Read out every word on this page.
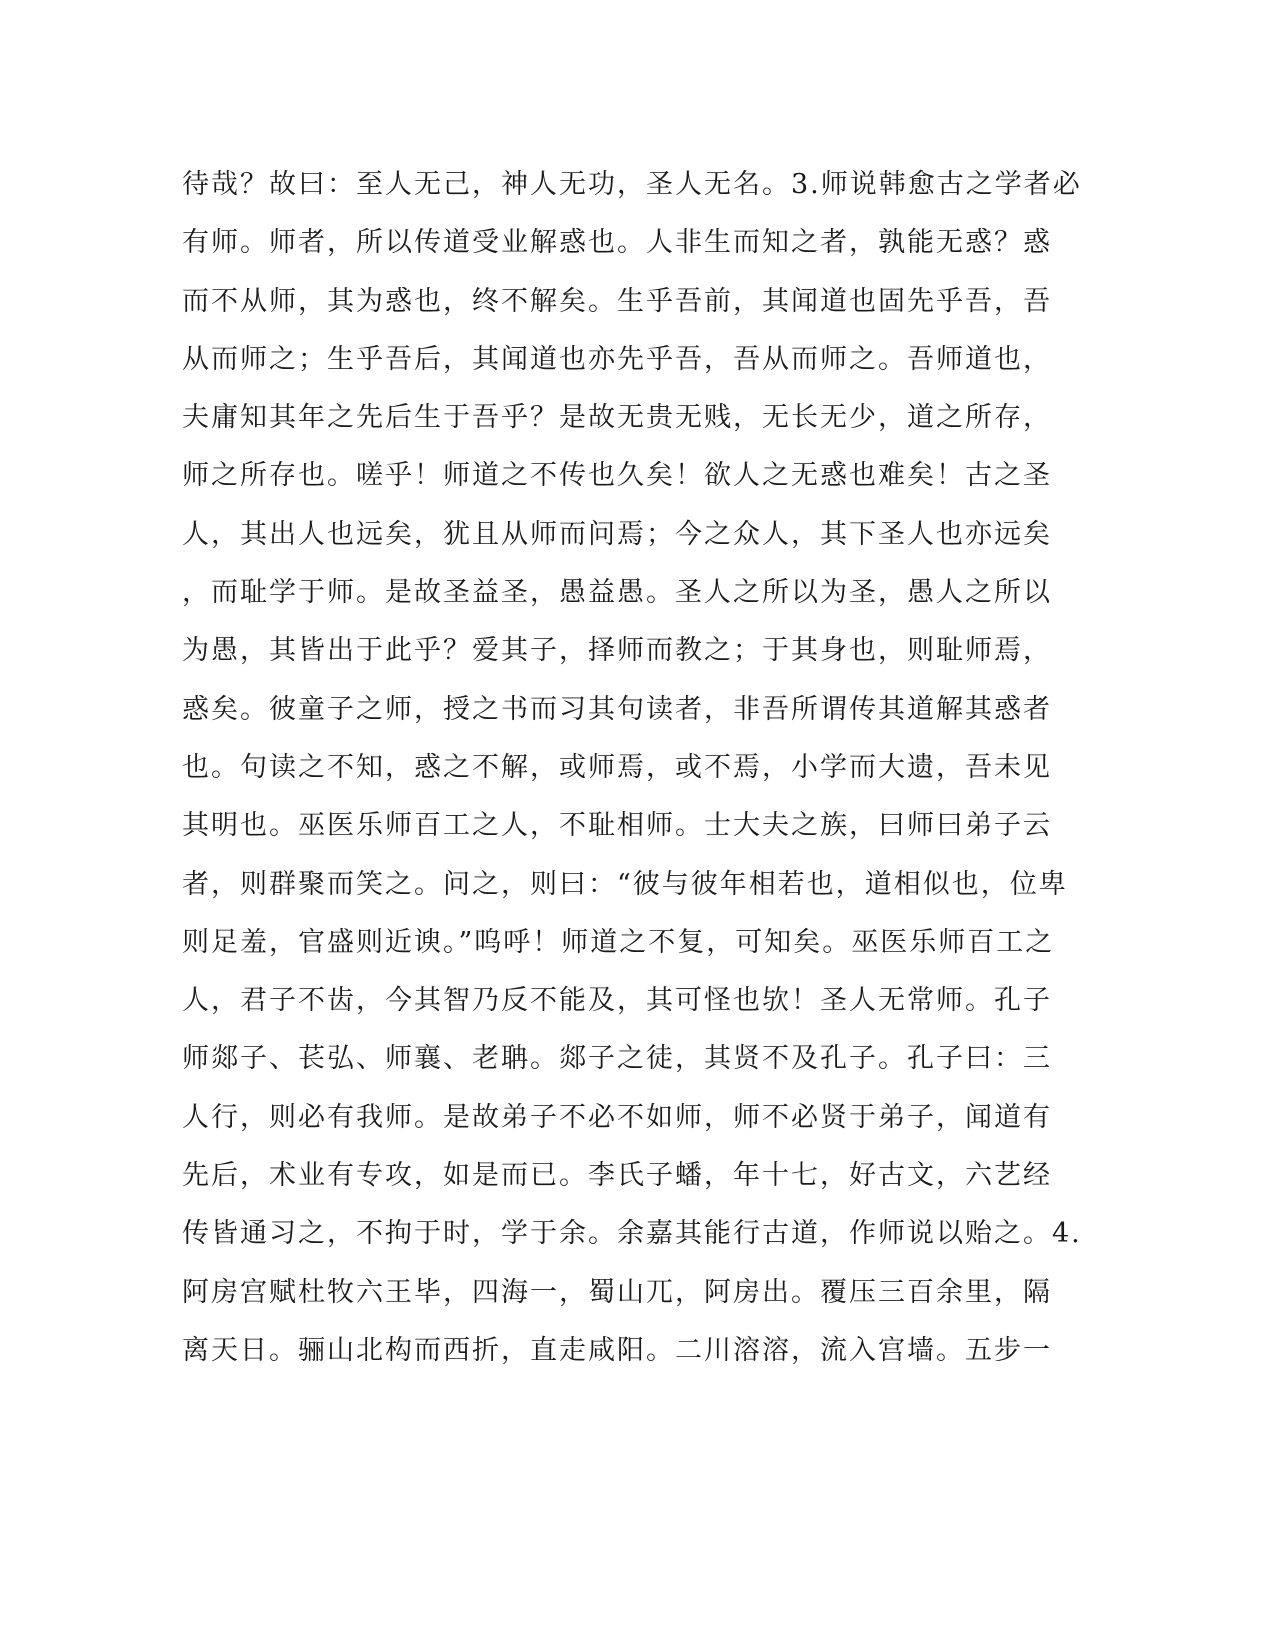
待哉？故曰：至人无己，神人无功，圣人无名。3.师说韩愈古之学者必
有师。师者，所以传道受业解惑也。人非生而知之者，孰能无惑？惑
而不从师，其为惑也，终不解矣。生乎吾前，其闻道也固先乎吾，吾
从而师之；生乎吾后，其闻道也亦先乎吾，吾从而师之。吾师道也，
夫庸知其年之先后生于吾乎？是故无贵无贱，无长无少，道之所存，
师之所存也。嗟乎！师道之不传也久矣！欲人之无惑也难矣！古之圣
人，其出人也远矣，犹且从师而问焉；今之众人，其下圣人也亦远矣
，而耻学于师。是故圣益圣，愚益愚。圣人之所以为圣，愚人之所以
为愚，其皆出于此乎？爱其子，择师而教之；于其身也，则耻师焉，
惑矣。彼童子之师，授之书而习其句读者，非吾所谓传其道解其惑者
也。句读之不知，惑之不解，或师焉，或不焉，小学而大遗，吾未见
其明也。巫医乐师百工之人，不耻相师。士大夫之族，曰师曰弟子云
者，则群聚而笑之。问之，则曰：“彼与彼年相若也，道相似也，位卑
则足羞，官盛则近谀。”呜呼！师道之不复，可知矣。巫医乐师百工之
人，君子不齿，今其智乃反不能及，其可怪也欤！圣人无常师。孔子
师郯子、苌弘、师襄、老聃。郯子之徒，其贤不及孔子。孔子曰：三
人行，则必有我师。是故弟子不必不如师，师不必贤于弟子，闻道有
先后，术业有专攻，如是而已。李氏子蟠，年十七，好古文，六艺经
传皆通习之，不拘于时，学于余。余嘉其能行古道，作师说以贻之。4.
阿房宫赋杜牧六王毕，四海一，蜀山兀，阿房出。覆压三百余里，隔
离天日。骊山北构而西折，直走咸阳。二川溶溶，流入宫墙。五步一
